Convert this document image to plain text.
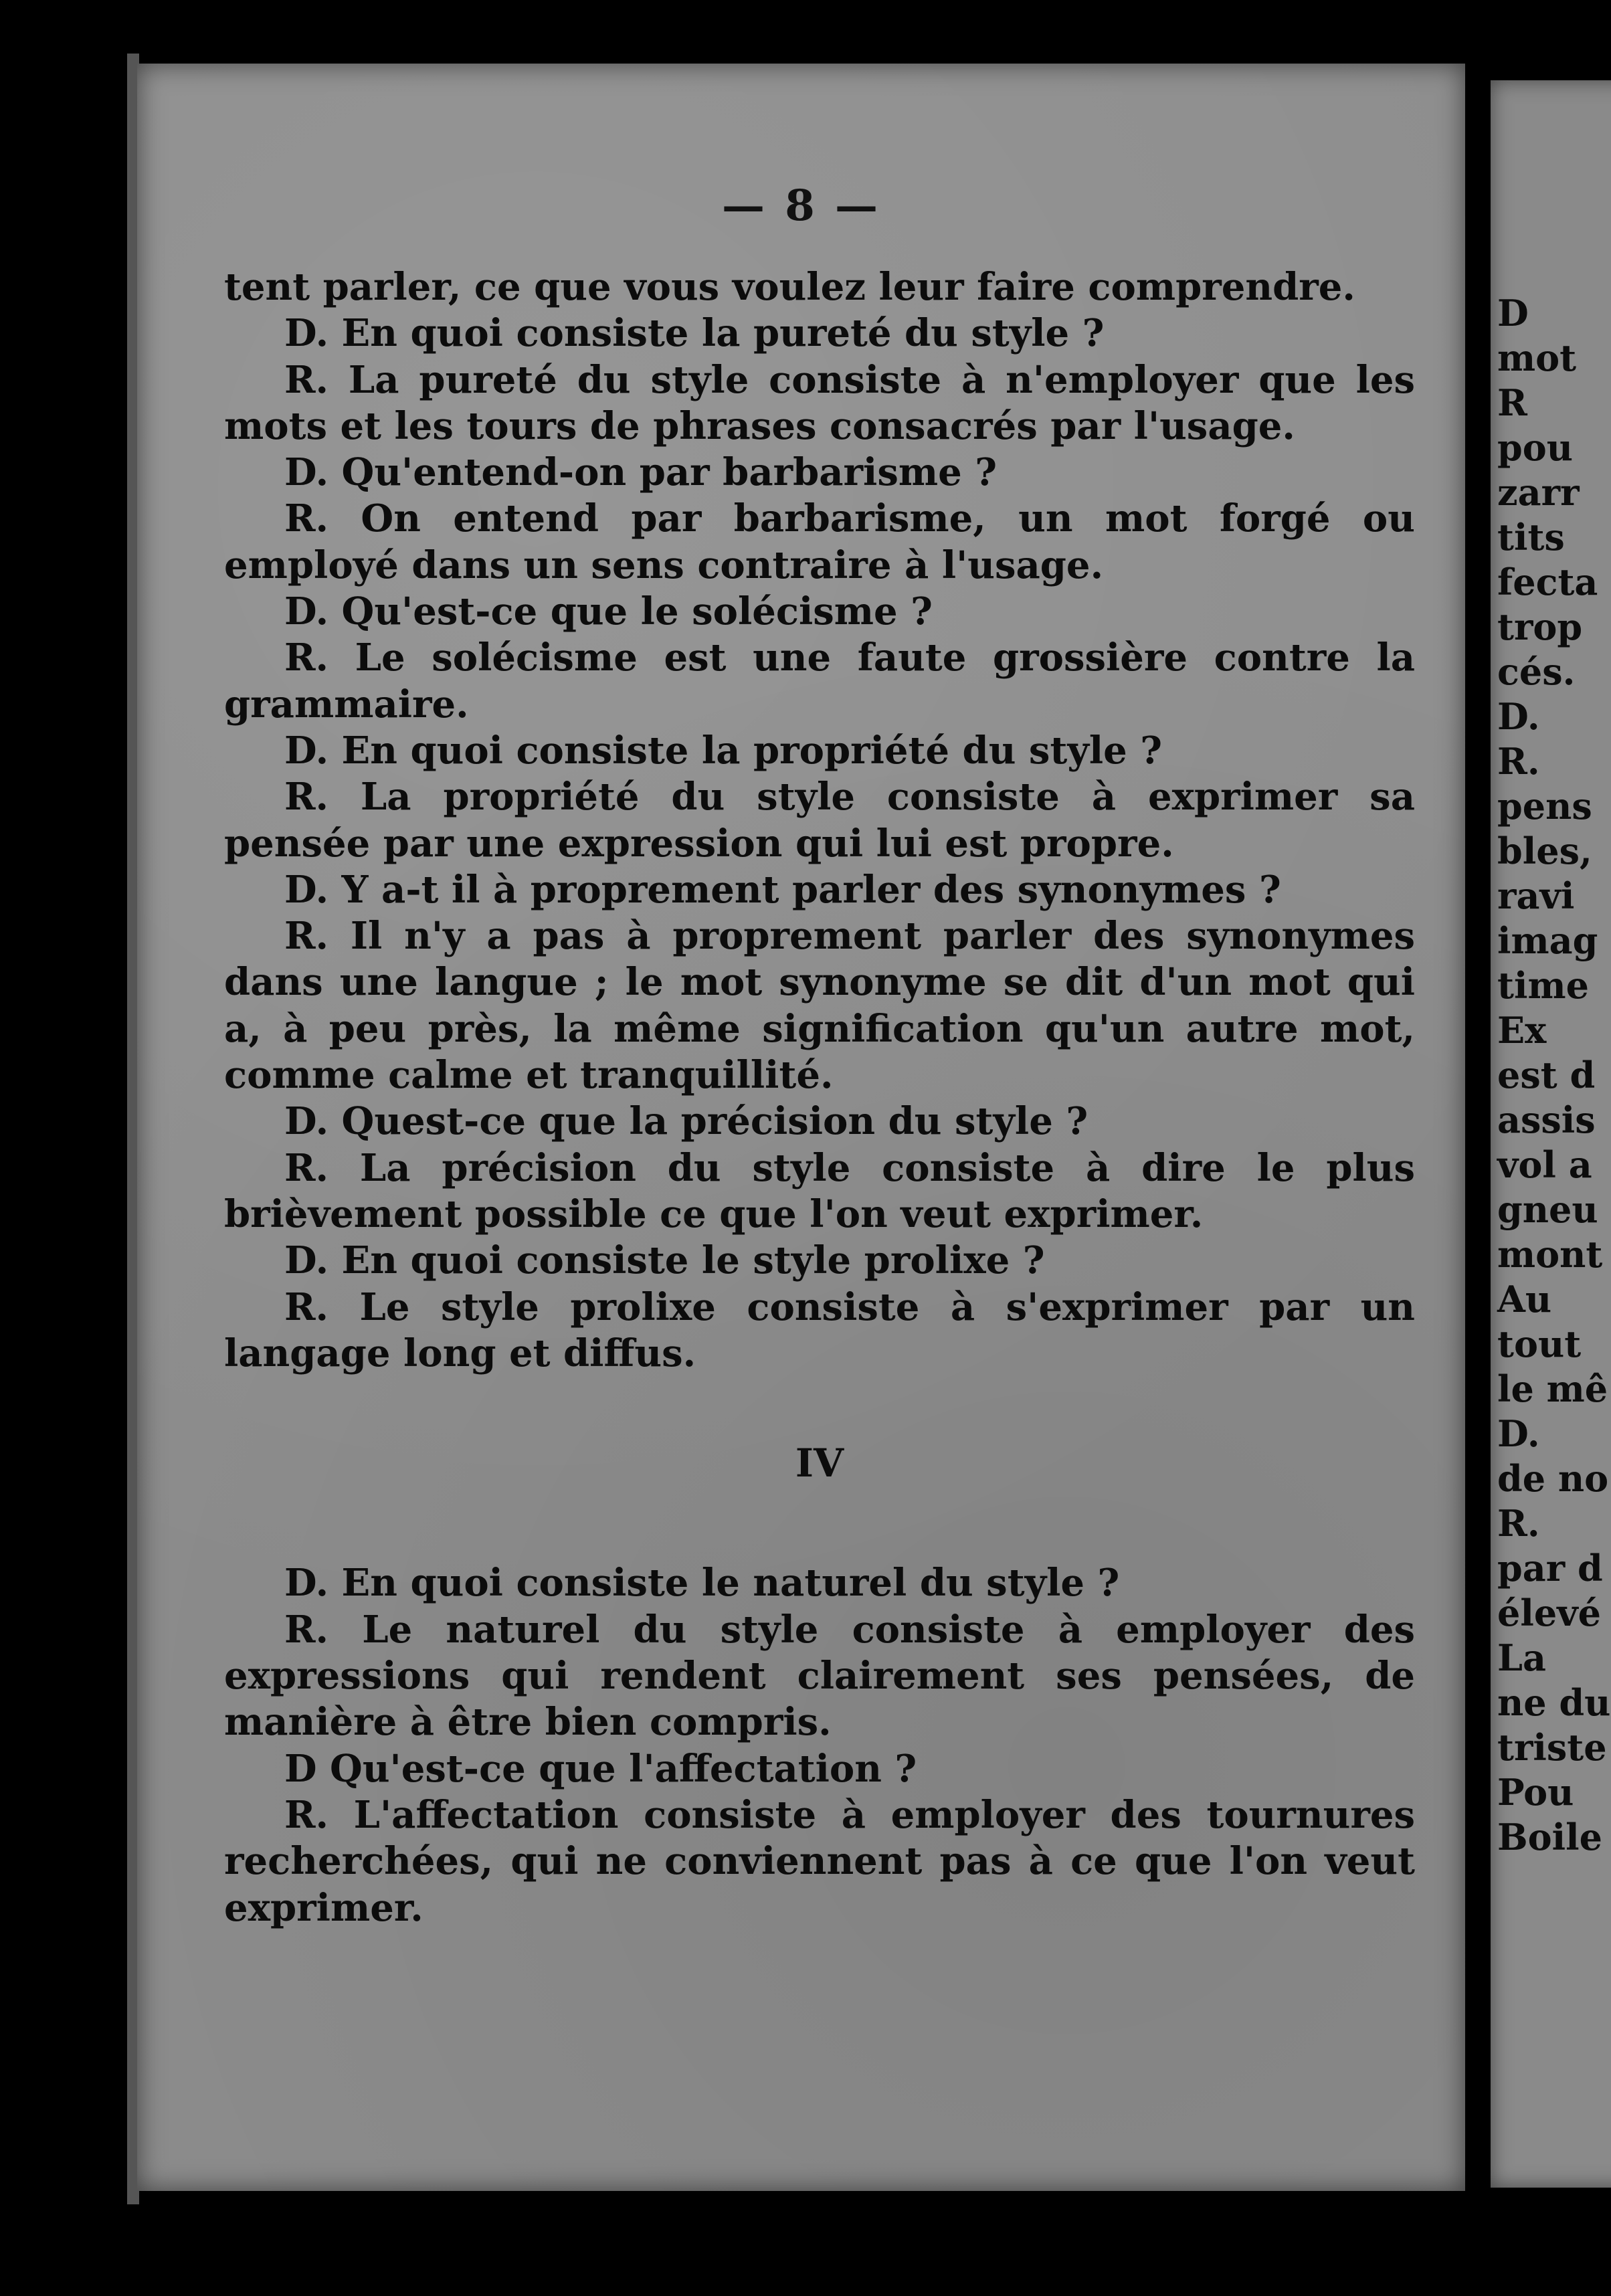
— 8 —

tent parler, ce que vous voulez leur faire comprendre.

D. En quoi consiste la pureté du style ?

R. La pureté du style consiste à n'employer que les mots et les tours de phrases consacrés par l'usage.

D. Qu'entend-on par barbarisme ?

R. On entend par barbarisme, un mot forgé ou employé dans un sens contraire à l'usage.

D. Qu'est-ce que le solécisme ?

R. Le solécisme est une faute grossière contre la grammaire.

D. En quoi consiste la propriété du style ?

R. La propriété du style consiste à exprimer sa pensée par une expression qui lui est propre.

D. Y a-t il à proprement parler des synonymes ?

R. Il n'y a pas à proprement parler des synonymes dans une langue ; le mot synonyme se dit d'un mot qui a, à peu près, la même signification qu'un autre mot, comme calme et tranquillité.

D. Quest-ce que la précision du style ?

R. La précision du style consiste à dire le plus brièvement possible ce que l'on veut exprimer.

D. En quoi consiste le style prolixe ?

R. Le style prolixe consiste à s'exprimer par un langage long et diffus.

IV

D. En quoi consiste le naturel du style ?

R. Le naturel du style consiste à employer des expressions qui rendent clairement ses pensées, de manière à être bien compris.

D Qu'est-ce que l'affectation ?

R. L'affectation consiste à employer des tournures recherchées, qui ne conviennent pas à ce que l'on veut exprimer.

D
mot
R
pou
zarr
tits
fecta
trop
cés.
D.
R.
pens
bles,
ravi
imag
time
Ex
est d
assis
vol a
gneu
mont
Au
tout
le mê
D.
de no
R.
par d
élevé
La
ne du
triste
Pou
Boile
